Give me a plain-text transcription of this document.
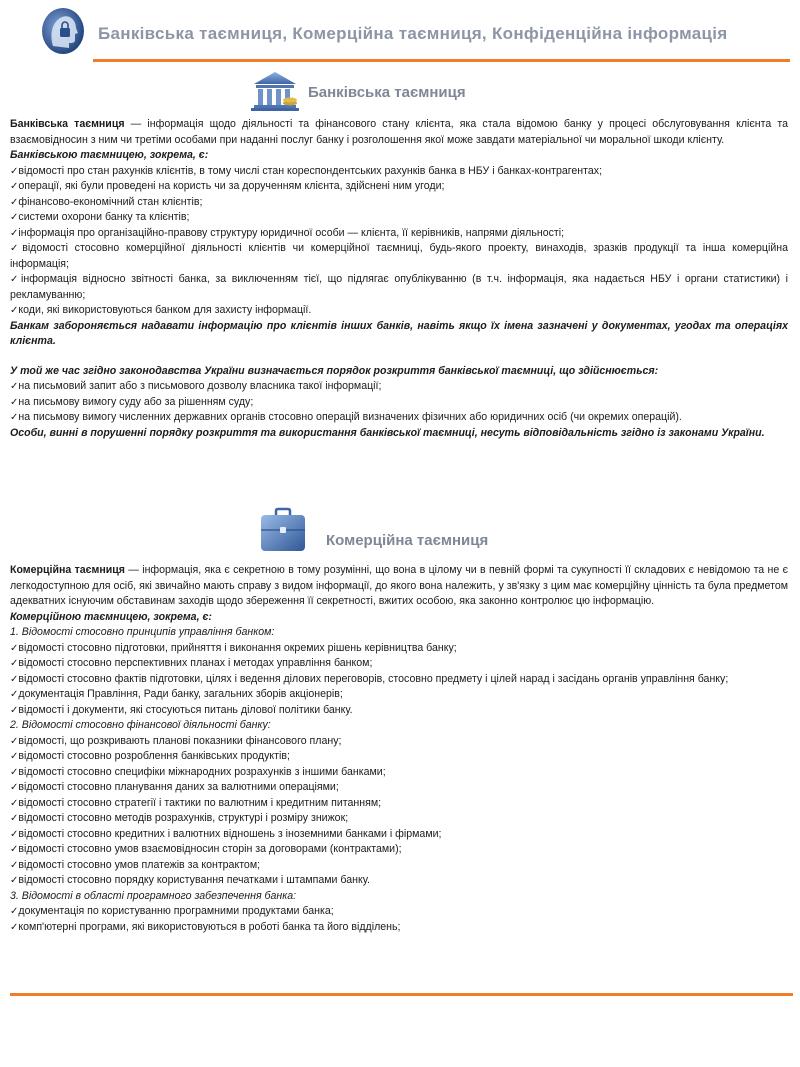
Банківська таємниця, Комерційна таємниця, Конфіденційна інформація
Банківська таємниця

Банківська таємниця — інформація щодо діяльності та фінансового стану клієнта, яка стала відомою банку у процесі обслуговування клієнта та взаємовідносин з ним чи третіми особами при наданні послуг банку і розголошення якої може завдати матеріальної чи моральної шкоди клієнту.

Банківською таємницею, зокрема, є:

✓відомості про стан рахунків клієнтів, в тому числі стан кореспондентських рахунків банка в НБУ і банках-контрагентах;
✓операції, які були проведені на користь чи за дорученням клієнта, здійснені ним угоди;
✓фінансово-економічний стан клієнтів;
✓системи охорони банку та клієнтів;
✓інформація про організаційно-правову структуру юридичної особи — клієнта, її керівників, напрями діяльності;
✓відомості стосовно комерційної діяльності клієнтів чи комерційної таємниці, будь-якого проекту, винаходів, зразків продукції та інша комерційна інформація;
✓інформація відносно звітності банка, за виключенням тієї, що підлягає опублікуванню (в т.ч. інформація, яка надається НБУ і органи статистики) і рекламуванню;
✓коди, які використовуються банком для захисту інформації.

Банкам забороняється надавати інформацію про клієнтів інших банків, навіть якщо їх імена зазначені у документах, угодах та операціях клієнта.

У той же час згідно законодавства України визначається порядок розкриття банківської таємниці, що здійснюється:

✓на письмовий запит або з письмового дозволу власника такої інформації;
✓на письмову вимогу суду або за рішенням суду;
✓на письмову вимогу численних державних органів стосовно операцій визначених фізичних або юридичних осіб (чи окремих операцій).

Особи, винні в порушенні порядку розкриття та використання банківської таємниці, несуть відповідальність згідно із законами України.

Комерційна таємниця

Комерційна таємниця — інформація, яка є секретною в тому розумінні, що вона в цілому чи в певній формі та сукупності її складових є невідомою та не є легкодоступною для осіб, які звичайно мають справу з видом інформації, до якого вона належить, у зв'язку з цим має комерційну цінність та була предметом адекватних існуючим обставинам заходів щодо збереження її секретності, вжитих особою, яка законно контролює цю інформацію.

Комерційною таємницею, зокрема, є:

1. Відомості стосовно принципів управління банком:

✓відомості стосовно підготовки, прийняття і виконання окремих рішень керівництва банку;
✓відомості стосовно перспективних планах і методах управління банком;
✓відомості стосовно фактів підготовки, цілях і ведення ділових переговорів, стосовно предмету і цілей нарад і засідань органів управління банку;
✓документація Правління, Ради банку, загальних зборів акціонерів;
✓відомості і документи, які стосуються питань ділової політики банку.

2. Відомості стосовно фінансової діяльності банку:

✓відомості, що розкривають планові показники фінансового плану;
✓відомості стосовно розроблення банківських продуктів;
✓відомості стосовно специфіки міжнародних розрахунків з іншими банками;
✓відомості стосовно планування даних за валютними операціями;
✓відомості стосовно стратегії і тактики по валютним і кредитним питанням;
✓відомості стосовно методів розрахунків, структурі і розміру знижок;
✓відомості стосовно кредитних і валютних відношень з іноземними банками і фірмами;
✓відомості стосовно умов взаємовідносин сторін за договорами (контрактами);
✓відомості стосовно умов платежів за контрактом;
✓відомості стосовно порядку користування печатками і штампами банку.

3. Відомості в області програмного забезпечення банка:

✓документація по користуванню програмними продуктами банка;
✓комп'ютерні програми, які використовуються в роботі банка та його відділень;
